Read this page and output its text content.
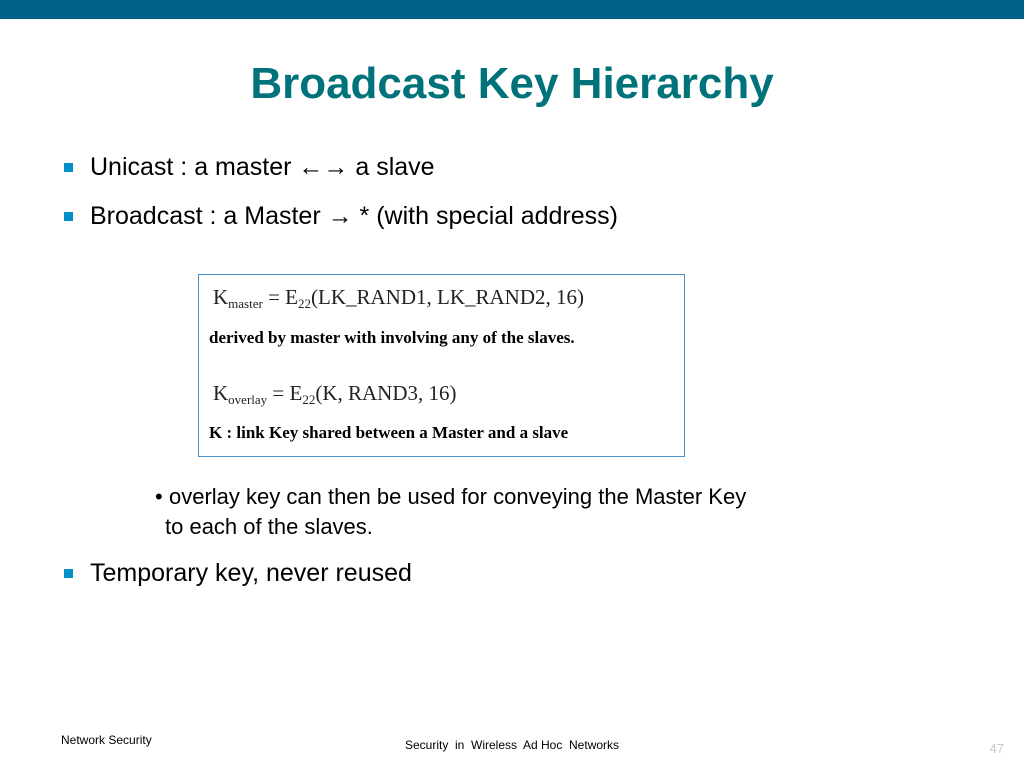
Broadcast Key Hierarchy
Unicast : a master ←→ a slave
Broadcast : a Master → * (with special address)
$K_{master}$ = $E_{22}(LK\_RAND1$, LK_RAND2, 16)
derived by master with involving any of the slaves.
$K_{overlay} = E_{22}(K$, RAND3, 16)
K : link Key shared between a Master and a slave
• overlay key can then be used for conveying the Master Key
to each of the slaves.
Temporary key, never reused
Network Security	Security  in  Wireless  Ad Hoc  Networks	47
